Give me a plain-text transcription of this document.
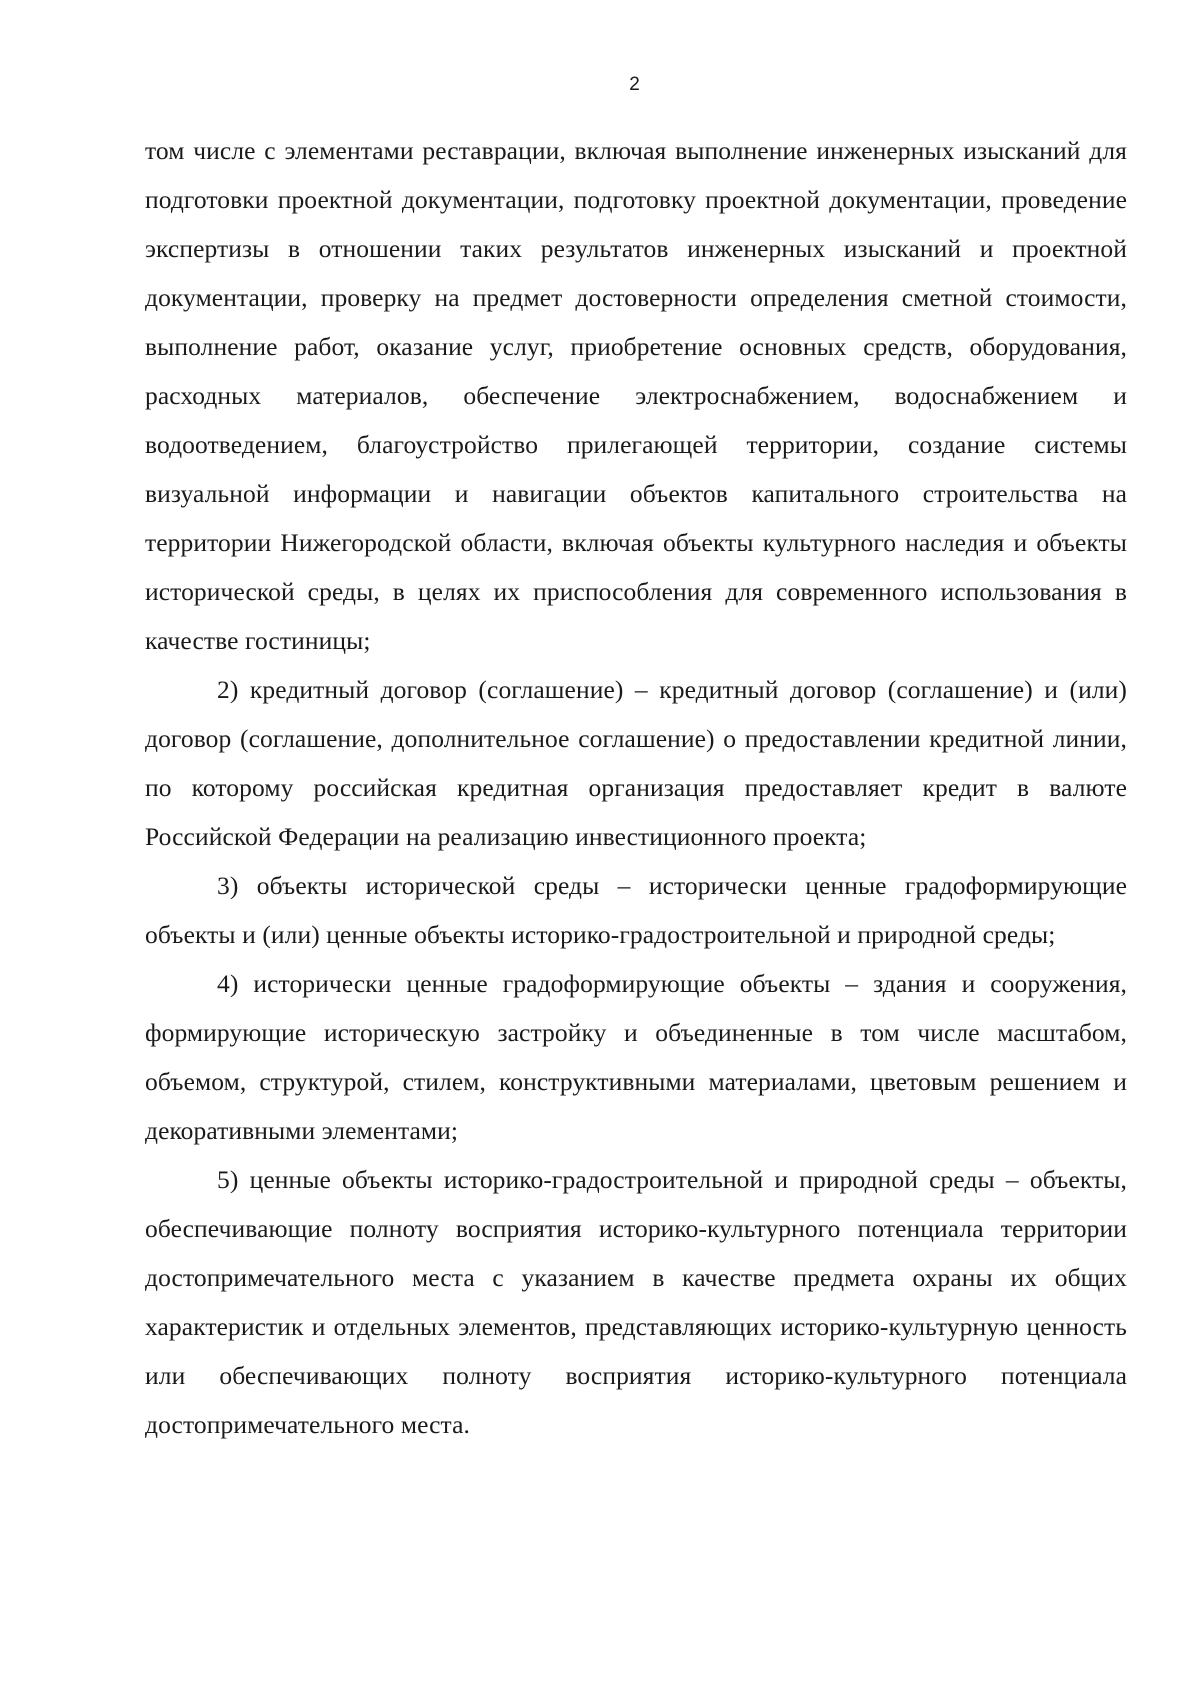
2

том числе с элементами реставрации, включая выполнение инженерных изысканий для подготовки проектной документации, подготовку проектной документации, проведение экспертизы в отношении таких результатов инженерных изысканий и проектной документации, проверку на предмет достоверности определения сметной стоимости, выполнение работ, оказание услуг, приобретение основных средств, оборудования, расходных материалов, обеспечение электроснабжением, водоснабжением и водоотведением, благоустройство прилегающей территории, создание системы визуальной информации и навигации объектов капитального строительства на территории Нижегородской области, включая объекты культурного наследия и объекты исторической среды, в целях их приспособления для современного использования в качестве гостиницы;

2) кредитный договор (соглашение) – кредитный договор (соглашение) и (или) договор (соглашение, дополнительное соглашение) о предоставлении кредитной линии, по которому российская кредитная организация предоставляет кредит в валюте Российской Федерации на реализацию инвестиционного проекта;

3) объекты исторической среды – исторически ценные градоформирующие объекты и (или) ценные объекты историко-градостроительной и природной среды;

4) исторически ценные градоформирующие объекты – здания и сооружения, формирующие историческую застройку и объединенные в том числе масштабом, объемом, структурой, стилем, конструктивными материалами, цветовым решением и декоративными элементами;

5) ценные объекты историко-градостроительной и природной среды – объекты, обеспечивающие полноту восприятия историко-культурного потенциала территории достопримечательного места с указанием в качестве предмета охраны их общих характеристик и отдельных элементов, представляющих историко-культурную ценность или обеспечивающих полноту восприятия историко-культурного потенциала достопримечательного места.
